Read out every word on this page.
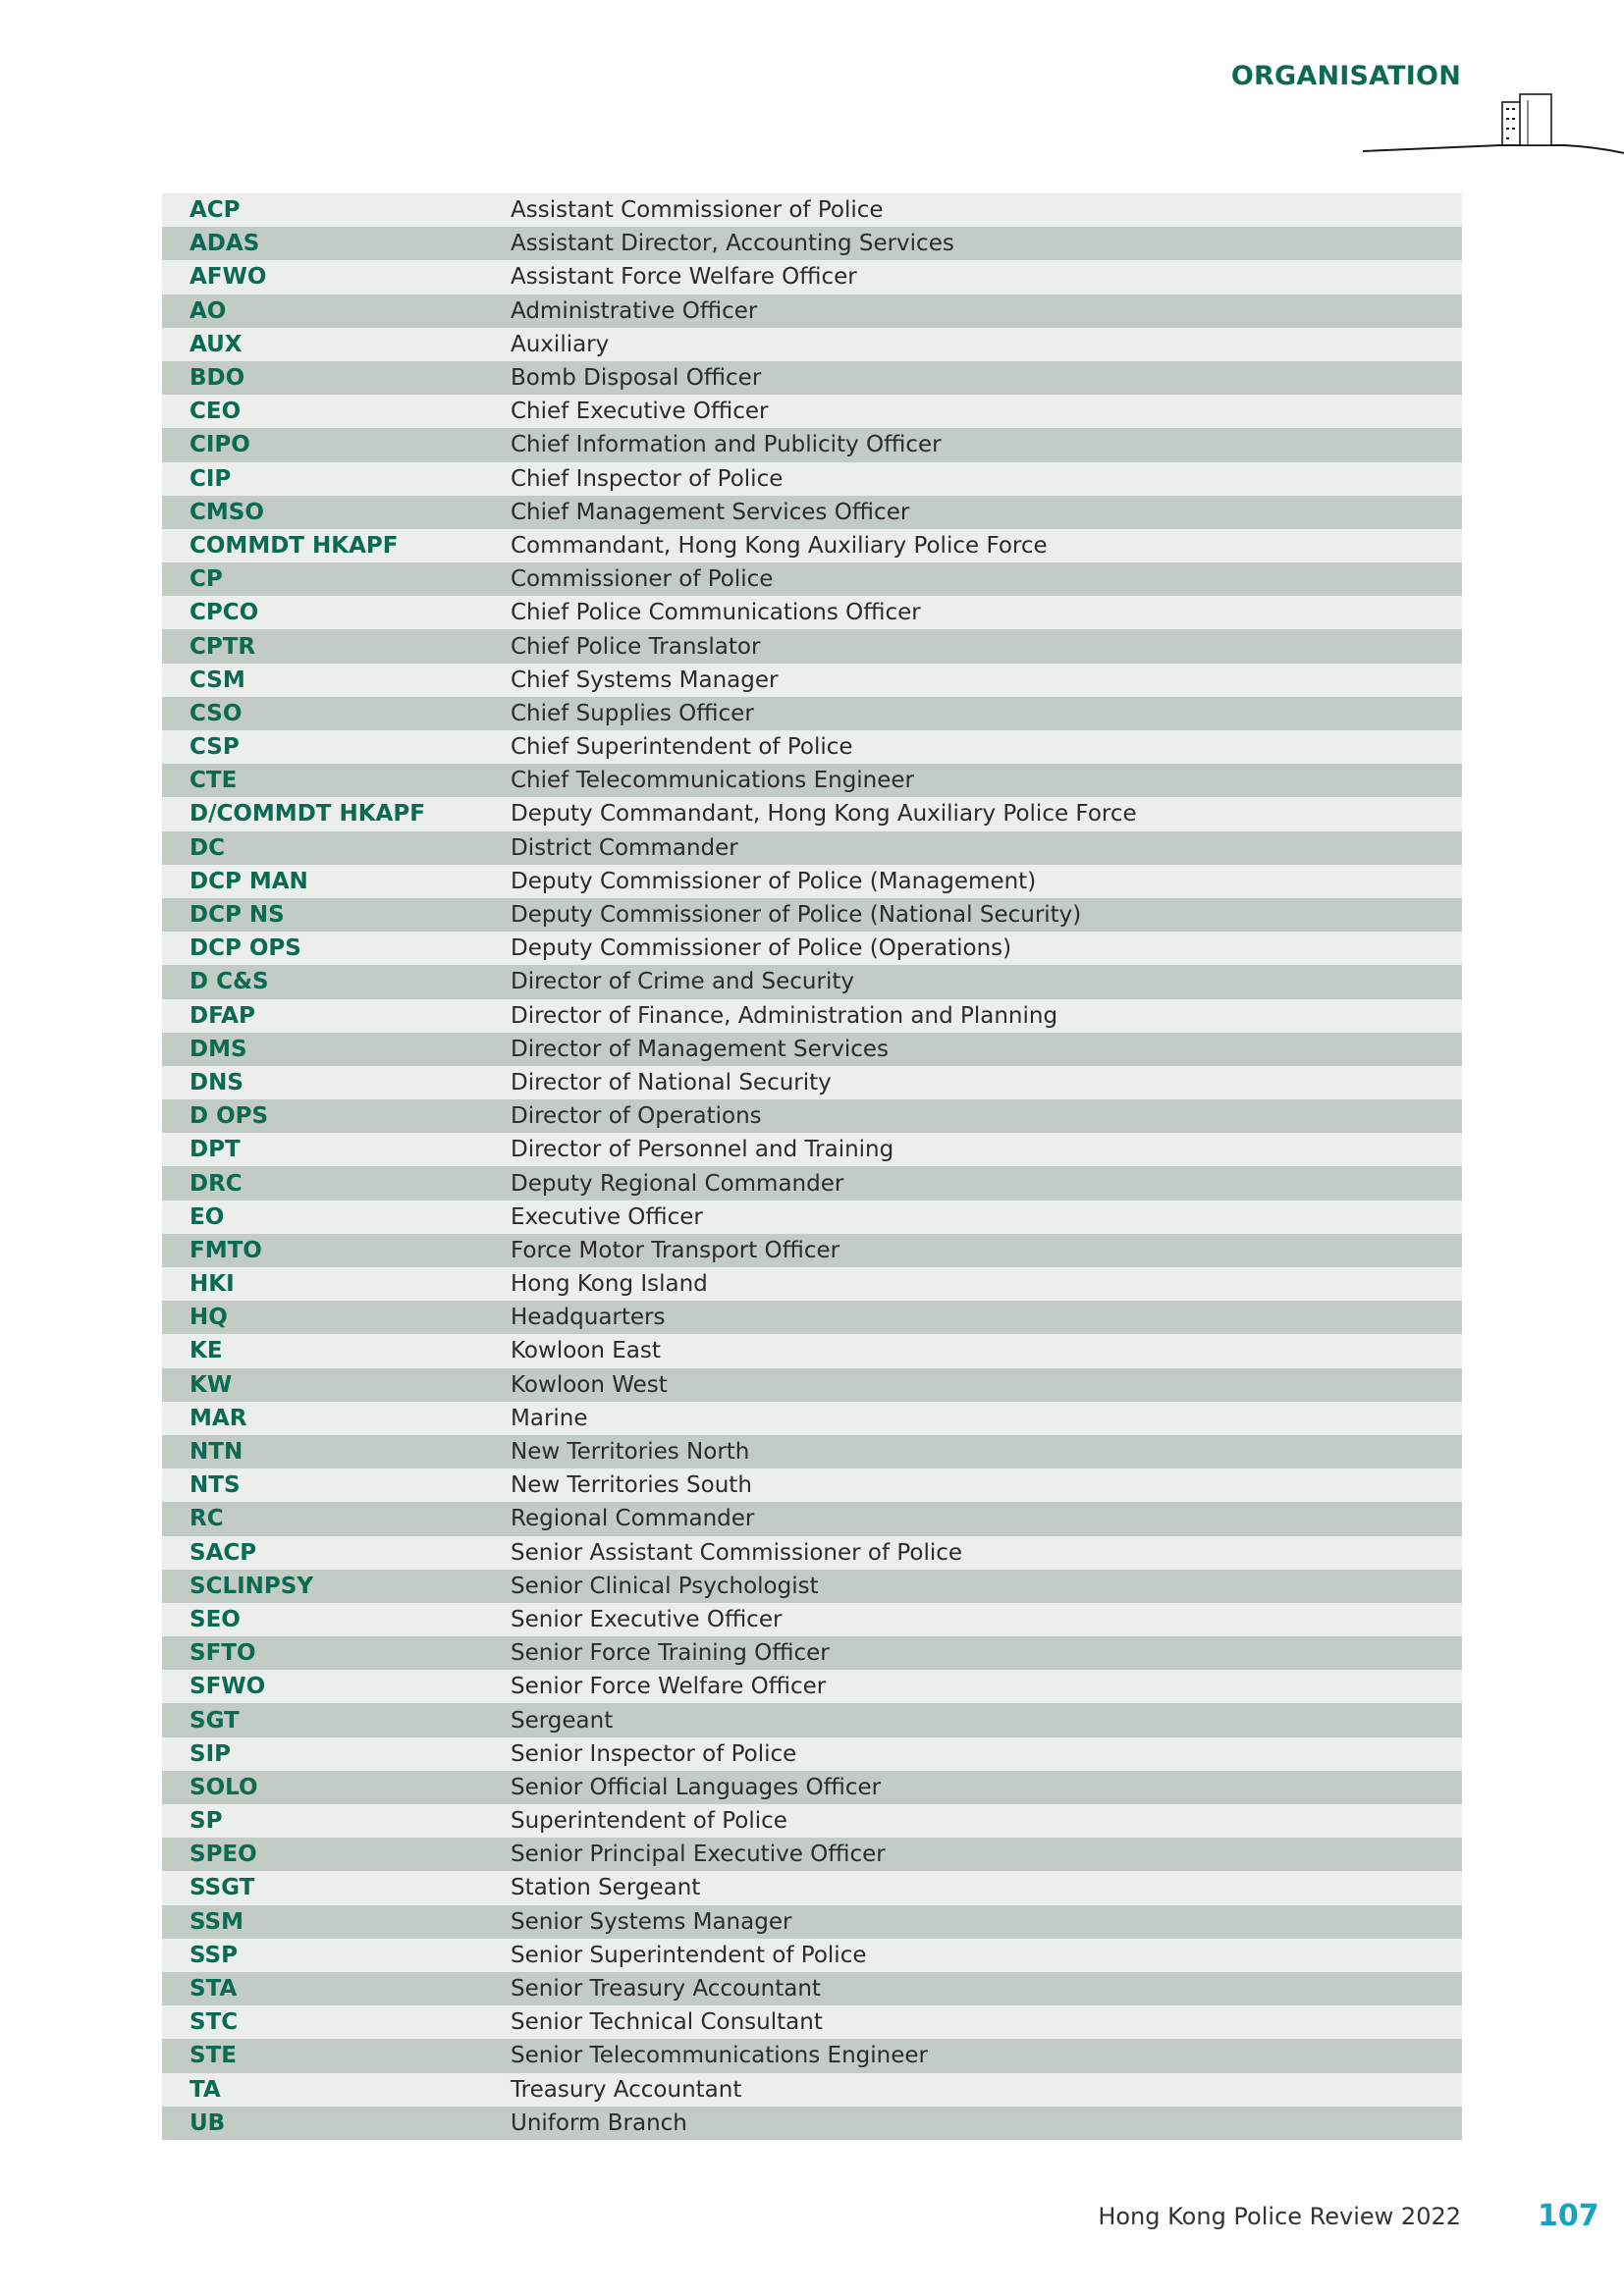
ORGANISATION
ACP	Assistant Commissioner of Police
ADAS	Assistant Director, Accounting Services
AFWO	Assistant Force Welfare Officer
AO	Administrative Officer
AUX	Auxiliary
BDO	Bomb Disposal Officer
CEO	Chief Executive Officer
CIPO	Chief Information and Publicity Officer
CIP	Chief Inspector of Police
CMSO	Chief Management Services Officer
COMMDT HKAPF	Commandant, Hong Kong Auxiliary Police Force
CP	Commissioner of Police
CPCO	Chief Police Communications Officer
CPTR	Chief Police Translator
CSM	Chief Systems Manager
CSO	Chief Supplies Officer
CSP	Chief Superintendent of Police
CTE	Chief Telecommunications Engineer
D/COMMDT HKAPF	Deputy Commandant, Hong Kong Auxiliary Police Force
DC	District Commander
DCP MAN	Deputy Commissioner of Police (Management)
DCP NS	Deputy Commissioner of Police (National Security)
DCP OPS	Deputy Commissioner of Police (Operations)
D C&S	Director of Crime and Security
DFAP	Director of Finance, Administration and Planning
DMS	Director of Management Services
DNS	Director of National Security
D OPS	Director of Operations
DPT	Director of Personnel and Training
DRC	Deputy Regional Commander
EO	Executive Officer
FMTO	Force Motor Transport Officer
HKI	Hong Kong Island
HQ	Headquarters
KE	Kowloon East
KW	Kowloon West
MAR	Marine
NTN	New Territories North
NTS	New Territories South
RC	Regional Commander
SACP	Senior Assistant Commissioner of Police
SCLINPSY	Senior Clinical Psychologist
SEO	Senior Executive Officer
SFTO	Senior Force Training Officer
SFWO	Senior Force Welfare Officer
SGT	Sergeant
SIP	Senior Inspector of Police
SOLO	Senior Official Languages Officer
SP	Superintendent of Police
SPEO	Senior Principal Executive Officer
SSGT	Station Sergeant
SSM	Senior Systems Manager
SSP	Senior Superintendent of Police
STA	Senior Treasury Accountant
STC	Senior Technical Consultant
STE	Senior Telecommunications Engineer
TA	Treasury Accountant
UB	Uniform Branch
Hong Kong Police Review 2022	107
